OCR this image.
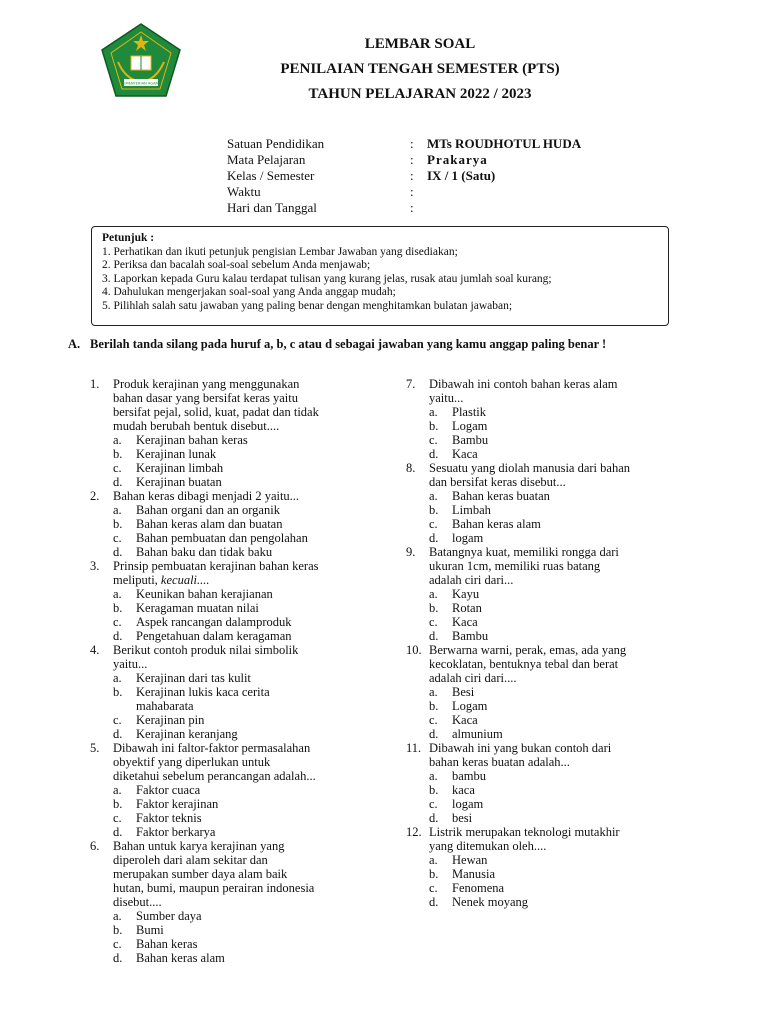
KEMENTERIAN AGAMA
LEMBAR SOAL
PENILAIAN TENGAH SEMESTER (PTS)
TAHUN PELAJARAN 2022 / 2023
Satuan Pendidikan	: MTs ROUDHOTUL HUDA
Mata Pelajaran	: Prakarya
Kelas / Semester	: IX / 1 (Satu)
Waktu	:
Hari dan Tanggal	:
Petunjuk :
1. Perhatikan dan ikuti petunjuk pengisian Lembar Jawaban yang disediakan;
2. Periksa dan bacalah soal-soal sebelum Anda menjawab;
3. Laporkan kepada Guru kalau terdapat tulisan yang kurang jelas, rusak atau jumlah soal kurang;
4. Dahulukan mengerjakan soal-soal yang Anda anggap mudah;
5. Pilihlah salah satu jawaban yang paling benar dengan menghitamkan bulatan jawaban;
A. Berilah tanda silang pada huruf a, b, c atau d sebagai jawaban yang kamu anggap paling benar !
1. Produk kerajinan yang menggunakan
bahan dasar yang bersifat keras yaitu
bersifat pejal, solid, kuat, padat dan tidak
mudah berubah bentuk disebut....
a. Kerajinan bahan keras
b. Kerajinan lunak
c. Kerajinan limbah
d. Kerajinan buatan
2. Bahan keras dibagi menjadi 2 yaitu...
a. Bahan organi dan an organik
b. Bahan keras alam dan buatan
c. Bahan pembuatan dan pengolahan
d. Bahan baku dan tidak baku
3. Prinsip pembuatan kerajinan bahan keras
meliputi, kecuali....
a. Keunikan bahan kerajianan
b. Keragaman muatan nilai
c. Aspek rancangan dalamproduk
d. Pengetahuan dalam keragaman
4. Berikut contoh produk nilai simbolik
yaitu...
a. Kerajinan dari tas kulit
b. Kerajinan lukis kaca cerita
mahabarata
c. Kerajinan pin
d. Kerajinan keranjang
5. Dibawah ini faltor-faktor permasalahan
obyektif yang diperlukan untuk
diketahui sebelum perancangan adalah...
a. Faktor cuaca
b. Faktor kerajinan
c. Faktor teknis
d. Faktor berkarya
6. Bahan untuk karya kerajinan yang
diperoleh dari alam sekitar dan
merupakan sumber daya alam baik
hutan, bumi, maupun perairan indonesia
disebut....
a. Sumber daya
b. Bumi
c. Bahan keras
d. Bahan keras alam
7. Dibawah ini contoh bahan keras alam
yaitu...
a. Plastik
b. Logam
c. Bambu
d. Kaca
8. Sesuatu yang diolah manusia dari bahan
dan bersifat keras disebut...
a. Bahan keras buatan
b. Limbah
c. Bahan keras alam
d. logam
9. Batangnya kuat, memiliki rongga dari
ukuran 1cm, memiliki ruas batang
adalah ciri dari...
a. Kayu
b. Rotan
c. Kaca
d. Bambu
10. Berwarna warni, perak, emas, ada yang
kecoklatan, bentuknya tebal dan berat
adalah ciri dari....
a. Besi
b. Logam
c. Kaca
d. almunium
11. Dibawah ini yang bukan contoh dari
bahan keras buatan adalah...
a. bambu
b. kaca
c. logam
d. besi
12. Listrik merupakan teknologi mutakhir
yang ditemukan oleh....
a. Hewan
b. Manusia
c. Fenomena
d. Nenek moyang
